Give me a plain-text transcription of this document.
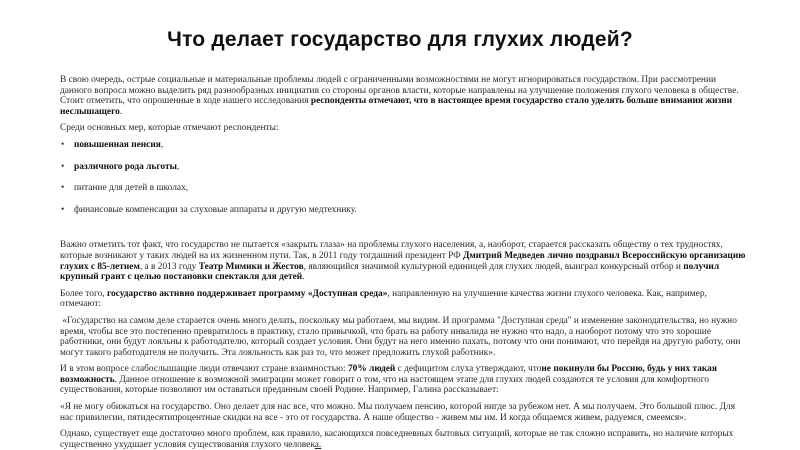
Что делает государство для глухих людей?

В свою очередь, острые социальные и материальные проблемы людей с ограниченными возможностями не могут игнорироваться государством. При рассмотрении данного вопроса можно выделить ряд разнообразных инициатив со стороны органов власти, которые направлены на улучшение положения глухого человека в обществе. Стоит отметить, что опрошенные в ходе нашего исследования респонденты отмечают, что в настоящее время государство стало уделять больше внимания жизни неслышащего.

Среди основных мер, которые отмечают респонденты:

• повышенная пенсия,
• различного рода льготы,
• питание для детей в школах,
• финансовые компенсации за слуховые аппараты и другую медтехнику.

Важно отметить тот факт, что государство не пытается «закрыть глаза» на проблемы глухого населения, а, наоборот, старается рассказать обществу о тех трудностях, которые возникают у таких людей на их жизненном пути. Так, в 2011 году тогдашний президент РФ Дмитрий Медведев лично поздравил Всероссийскую организацию глухих с 85-летием, а в 2013 году Театр Мимики и Жестов, являющийся значимой культурной единицей для глухих людей, выиграл конкурсный отбор и получил крупный грант с целью постановки спектакля для детей.

Более того, государство активно поддерживает программу «Доступная среда», направленную на улучшение качества жизни глухого человека. Как, например, отмечают:

«Государство на самом деле старается очень много делать, поскольку мы работаем, мы видим. И программа "Доступная среда" и изменение законодательства, но нужно время, чтобы все это постепенно превратилось в практику, стало привычкой, что брать на работу инвалида не нужно что надо, а наоборот потому что это хорошие работники, они будут лояльны к работодателю, который создает условия. Они будут на него именно пахать, потому что они понимают, что перейдя на другую работу, они могут такого работодателя не получить. Эта лояльность как раз то, что может предложить глухой работник».

И в этом вопросе слабослышащие люди отвечают стране взаимностью: 70% людей с дефицитом слуха утверждают, чтоне покинули бы Россию, будь у них такая возможность. Данное отношение к возможной эмиграции может говорит о том, что на настоящем этапе для глухих людей создаются те условия для комфортного существования, которые позволяют им оставаться преданным своей Родине. Например, Галина рассказывает:

«Я не могу обижаться на государство. Оно делает для нас все, что можно. Мы получаем пенсию, которой нигде за рубежом нет. А мы получаем. Это большой плюс. Для нас привилегии, пятидесятипроцентные скидки на все - это от государства. А наше общество - живем мы им. И когда общаемся живем, радуемся, смеемся».

Однако, существует еще достаточно много проблем, как правило, касающихся повседневных бытовых ситуаций, которые не так сложно исправить, но наличие которых существенно ухудшает условия существования глухого человека.
